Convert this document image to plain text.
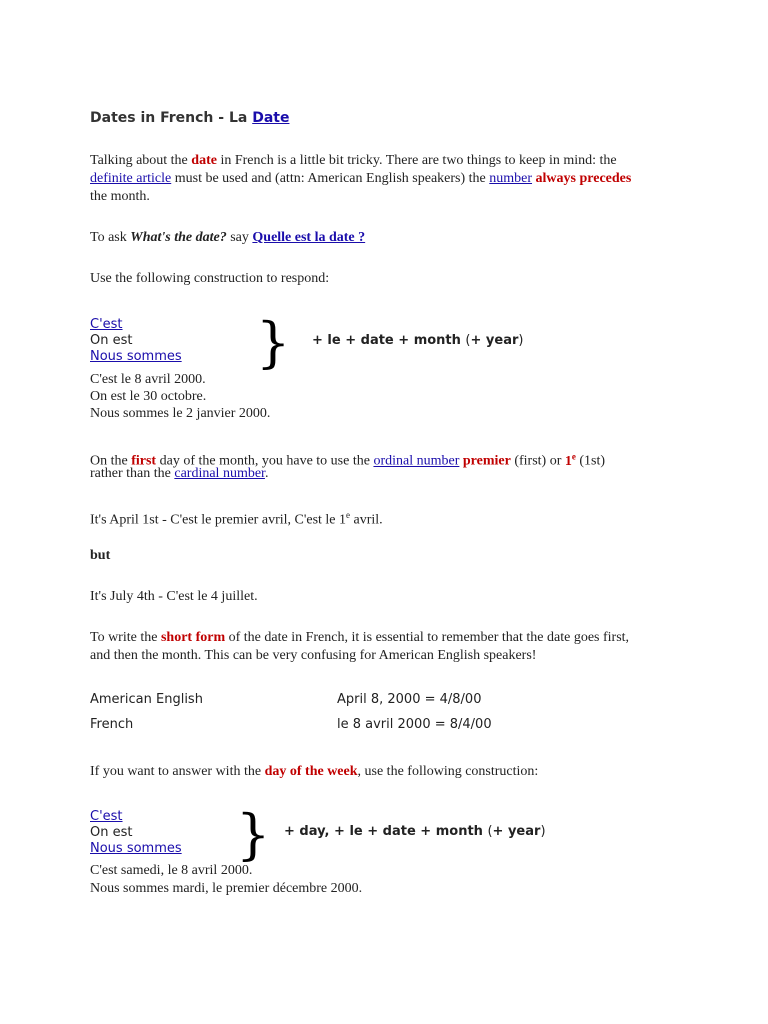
Dates in French - La Date
Talking about the date in French is a little bit tricky. There are two things to keep in mind: the
definite article must be used and (attn: American English speakers) the number always precedes
the month.
To ask What's the date? say Quelle est la date ?
Use the following construction to respond:
C'est
On est
Nous sommes } + le + date + month (+ year)
C'est le 8 avril 2000.
On est le 30 octobre.
Nous sommes le 2 janvier 2000.
On the first day of the month, you have to use the ordinal number premier (first) or 1e (1st)
rather than the cardinal number.
It's April 1st - C'est le premier avril, C'est le 1e avril.
but
It's July 4th - C'est le 4 juillet.
To write the short form of the date in French, it is essential to remember that the date goes first,
and then the month. This can be very confusing for American English speakers!
American English	April 8, 2000 = 4/8/00
French	le 8 avril 2000 = 8/4/00
If you want to answer with the day of the week, use the following construction:
C'est
On est
Nous sommes } + day, + le + date + month (+ year)
C'est samedi, le 8 avril 2000.
Nous sommes mardi, le premier décembre 2000.
